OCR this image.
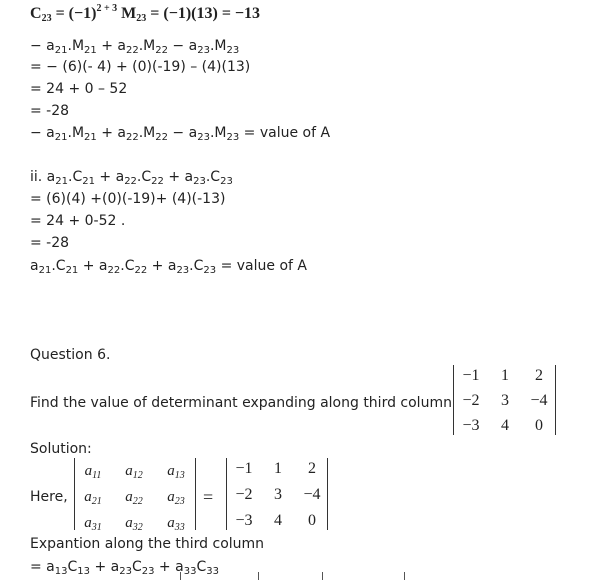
$C_{23} = (-1)^{2 + 3}$ $M_{23} = (-1)(13) = -13$
− $a_{21}.M_{21} + a_{22}.M_{22} - a_{23}.M_{23}$
= − (6)(- 4) + (0)(-19) – (4)(13)
= 24 + 0 – 52
= -28
− $a_{21}.M_{21} + a_{22}.M_{22} - a_{23}.M_{23}$ = value of A
ii. $a_{21}.C_{21} + a_{22}.C_{22} + a_{23}.C_{23}$
= (6)(4) +(0)(-19)+ (4)(-13)
= 24 + 0-52 .
= -28
$a_{21}.C_{21} + a_{22}.C_{22} + a_{23}.C_{23}$ = value of A
Question 6.
Find the value of determinant expanding along third column
−1	1	2
−2	3	−4
−3	4	0
Solution:
Here,
$a_{11}$	$a_{12}$	$a_{13}$
$a_{21}$	$a_{22}$	$a_{23}$
$a_{31}$	$a_{32}$	$a_{33}$
=
−1	1	2
−2	3	−4
−3	4	0
Expantion along the third column
= $a_{13}C_{13} + a_{23}C_{23} + a_{33}C_{33}$
